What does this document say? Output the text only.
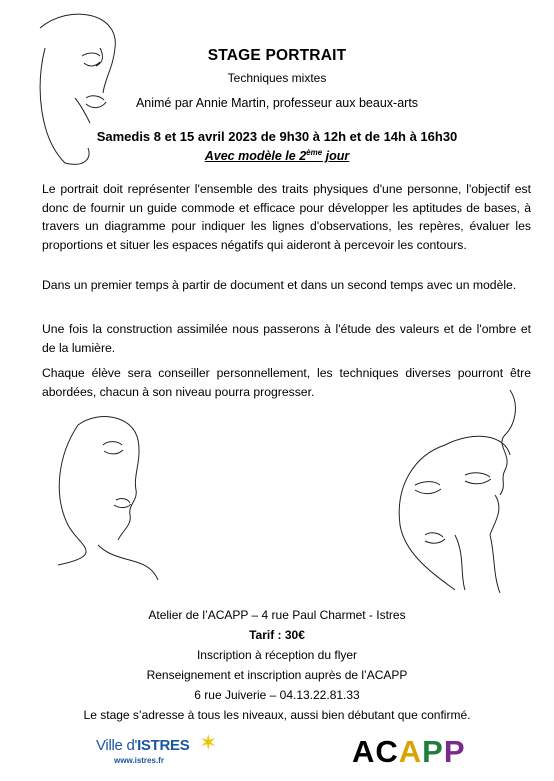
STAGE PORTRAIT
Techniques mixtes
Animé par Annie Martin, professeur aux beaux-arts
Samedis 8 et 15 avril 2023 de 9h30 à 12h et de 14h à 16h30
Avec modèle le 2ème jour

Le portrait doit représenter l'ensemble des traits physiques d'une personne, l'objectif est donc de fournir un guide commode et efficace pour développer les aptitudes de bases, à travers un diagramme pour indiquer les lignes d'observations, les repères, évaluer les proportions et situer les espaces négatifs qui aideront à percevoir les contours.

Dans un premier temps à partir de document et dans un second temps avec un modèle.

Une fois la construction assimilée nous passerons à l'étude des valeurs et de l'ombre et de la lumière.

Chaque élève sera conseiller personnellement, les techniques diverses pourront être abordées, chacun à son niveau pourra progresser.

Atelier de l’ACAPP – 4 rue Paul Charmet - Istres
Tarif : 30€
Inscription à réception du flyer
Renseignement et inscription auprès de l’ACAPP
6 rue Juiverie – 04.13.22.81.33
Le stage s’adresse à tous les niveaux, aussi bien débutant que confirmé.
Ville d'ISTRES
www.istres.fr
✶	ACAPP
